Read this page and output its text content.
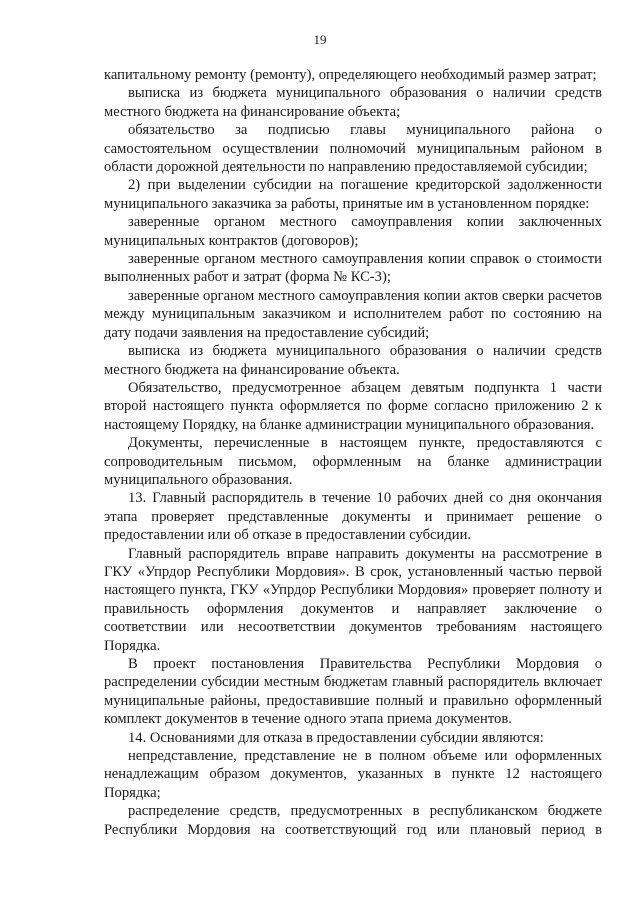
19

капитальному ремонту (ремонту), определяющего необходимый размер затрат;

выписка из бюджета муниципального образования о наличии средств местного бюджета на финансирование объекта;

обязательство за подписью главы муниципального района о самостоятельном осуществлении полномочий муниципальным районом в области дорожной деятельности по направлению предоставляемой субсидии;

2) при выделении субсидии на погашение кредиторской задолженности муниципального заказчика за работы, принятые им в установленном порядке:

заверенные органом местного самоуправления копии заключенных муниципальных контрактов (договоров);

заверенные органом местного самоуправления копии справок о стоимости выполненных работ и затрат (форма № КС-3);

заверенные органом местного самоуправления копии актов сверки расчетов между муниципальным заказчиком и исполнителем работ по состоянию на дату подачи заявления на предоставление субсидий;

выписка из бюджета муниципального образования о наличии средств местного бюджета на финансирование объекта.

Обязательство, предусмотренное абзацем девятым подпункта 1 части второй настоящего пункта оформляется по форме согласно приложению 2 к настоящему Порядку, на бланке администрации муниципального образования.

Документы, перечисленные в настоящем пункте, предоставляются с сопроводительным письмом, оформленным на бланке администрации муниципального образования.

13. Главный распорядитель в течение 10 рабочих дней со дня окончания этапа проверяет представленные документы и принимает решение о предоставлении или об отказе в предоставлении субсидии.

Главный распорядитель вправе направить документы на рассмотрение в ГКУ «Упрдор Республики Мордовия». В срок, установленный частью первой настоящего пункта, ГКУ «Упрдор Республики Мордовия» проверяет полноту и правильность оформления документов и направляет заключение о соответствии или несоответствии документов требованиям настоящего Порядка.

В проект постановления Правительства Республики Мордовия о распределении субсидии местным бюджетам главный распорядитель включает муниципальные районы, предоставившие полный и правильно оформленный комплект документов в течение одного этапа приема документов.

14. Основаниями для отказа в предоставлении субсидии являются:

непредставление, представление не в полном объеме или оформленных ненадлежащим образом документов, указанных в пункте 12 настоящего Порядка;

распределение средств, предусмотренных в республиканском бюджете Республики Мордовия на соответствующий год или плановый период в
